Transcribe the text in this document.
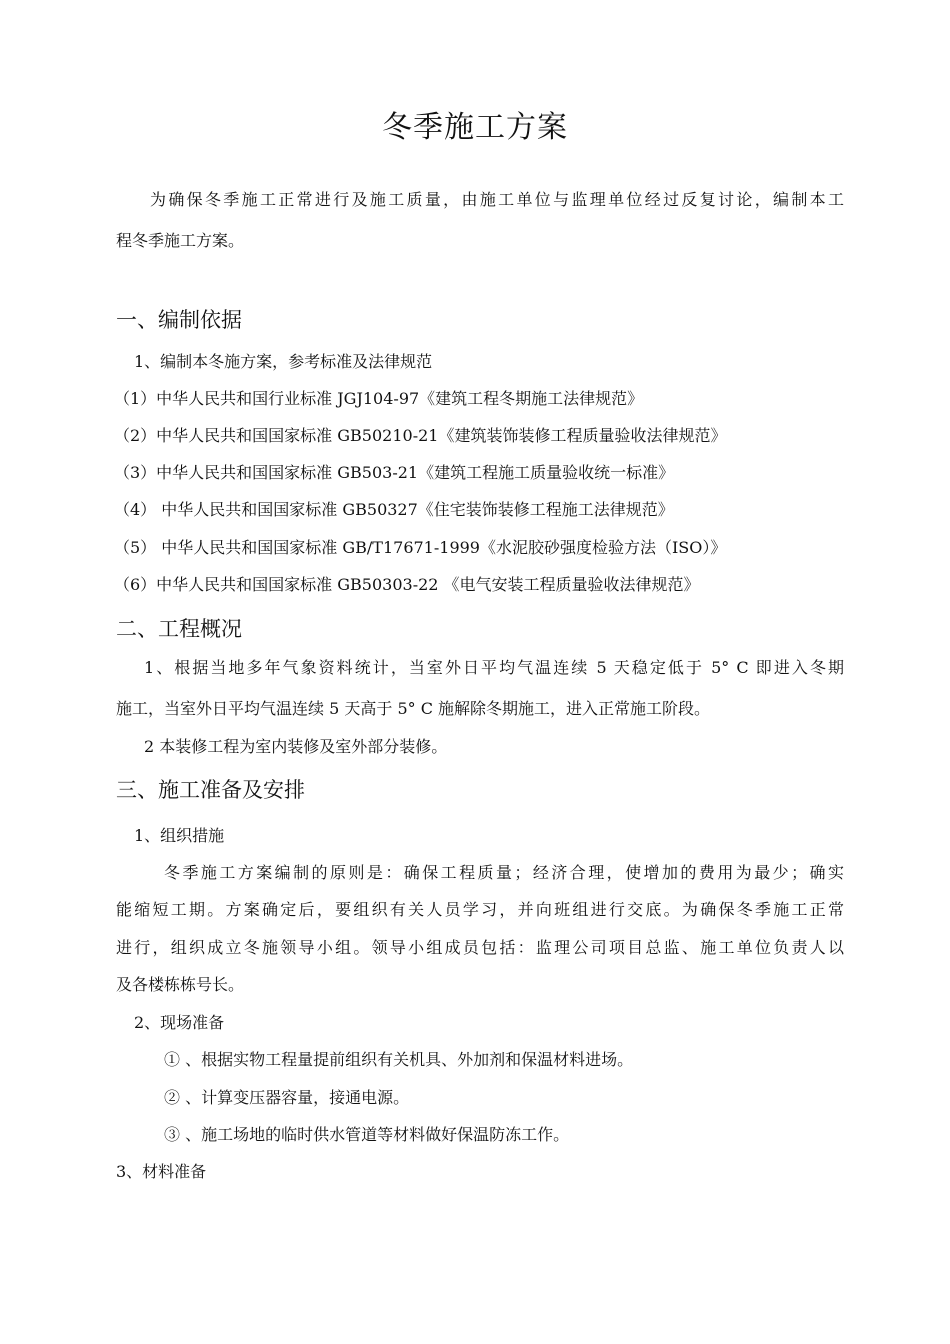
冬季施工方案
为确保冬季施工正常进行及施工质量，由施工单位与监理单位经过反复讨论，编制本工
程冬季施工方案。
一、编制依据
1、编制本冬施方案，参考标准及法律规范
（1）中华人民共和国行业标准 JGJ104-97《建筑工程冬期施工法律规范》
（2）中华人民共和国国家标准 GB50210-21《建筑装饰装修工程质量验收法律规范》
（3）中华人民共和国国家标准 GB503-21《建筑工程施工质量验收统一标准》
（4） 中华人民共和国国家标准 GB50327《住宅装饰装修工程施工法律规范》
（5） 中华人民共和国国家标准 GB/T17671-1999《水泥胶砂强度检验方法（ISO）》
（6）中华人民共和国国家标准 GB50303-22 《电气安装工程质量验收法律规范》
二、工程概况
1、根据当地多年气象资料统计，当室外日平均气温连续 5 天稳定低于 5° C 即进入冬期
施工，当室外日平均气温连续 5 天高于 5° C 施解除冬期施工，进入正常施工阶段。
2 本装修工程为室内装修及室外部分装修。
三、施工准备及安排
1、组织措施
冬季施工方案编制的原则是：确保工程质量；经济合理，使增加的费用为最少；确实
能缩短工期。方案确定后，要组织有关人员学习，并向班组进行交底。为确保冬季施工正常
进行，组织成立冬施领导小组。领导小组成员包括：监理公司项目总监、施工单位负责人以
及各楼栋栋号长。
2、现场准备
① 、根据实物工程量提前组织有关机具、外加剂和保温材料进场。
② 、计算变压器容量，接通电源。
③ 、施工场地的临时供水管道等材料做好保温防冻工作。
3、材料准备
